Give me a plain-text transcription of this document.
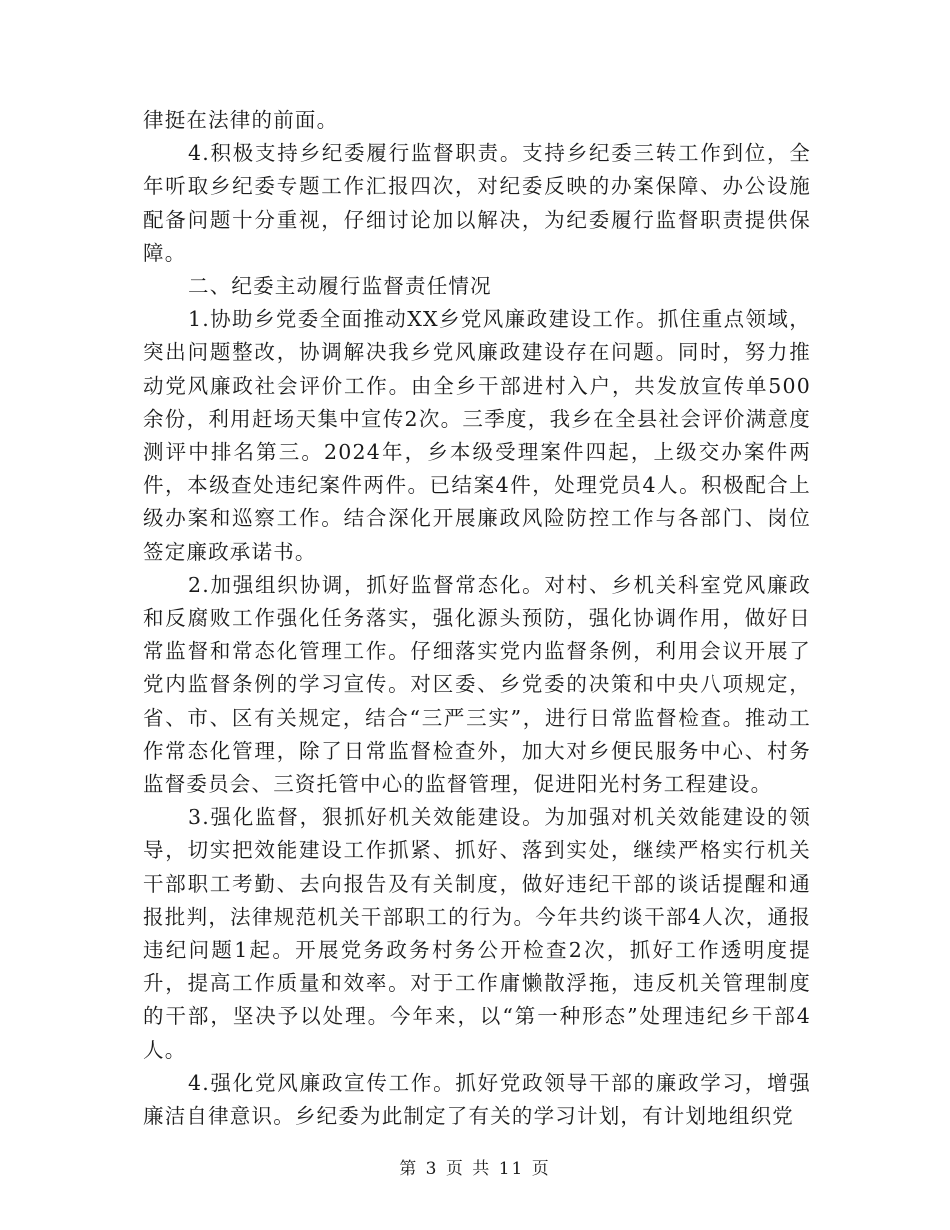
律挺在法律的前面。

4.积极支持乡纪委履行监督职责。支持乡纪委三转工作到位，全年听取乡纪委专题工作汇报四次，对纪委反映的办案保障、办公设施配备问题十分重视，仔细讨论加以解决，为纪委履行监督职责提供保障。

二、纪委主动履行监督责任情况

1.协助乡党委全面推动XX乡党风廉政建设工作。抓住重点领域，突出问题整改，协调解决我乡党风廉政建设存在问题。同时，努力推动党风廉政社会评价工作。由全乡干部进村入户，共发放宣传单500余份，利用赶场天集中宣传2次。三季度，我乡在全县社会评价满意度测评中排名第三。2024年，乡本级受理案件四起，上级交办案件两件，本级查处违纪案件两件。已结案4件，处理党员4人。积极配合上级办案和巡察工作。结合深化开展廉政风险防控工作与各部门、岗位签定廉政承诺书。

2.加强组织协调，抓好监督常态化。对村、乡机关科室党风廉政和反腐败工作强化任务落实，强化源头预防，强化协调作用，做好日常监督和常态化管理工作。仔细落实党内监督条例，利用会议开展了党内监督条例的学习宣传。对区委、乡党委的决策和中央八项规定，省、市、区有关规定，结合“三严三实”，进行日常监督检查。推动工作常态化管理，除了日常监督检查外，加大对乡便民服务中心、村务监督委员会、三资托管中心的监督管理，促进阳光村务工程建设。

3.强化监督，狠抓好机关效能建设。为加强对机关效能建设的领导，切实把效能建设工作抓紧、抓好、落到实处，继续严格实行机关干部职工考勤、去向报告及有关制度，做好违纪干部的谈话提醒和通报批判，法律规范机关干部职工的行为。今年共约谈干部4人次，通报违纪问题1起。开展党务政务村务公开检查2次，抓好工作透明度提升，提高工作质量和效率。对于工作庸懒散浮拖，违反机关管理制度的干部，坚决予以处理。今年来，以“第一种形态”处理违纪乡干部4人。

4.强化党风廉政宣传工作。抓好党政领导干部的廉政学习，增强廉洁自律意识。乡纪委为此制定了有关的学习计划，有计划地组织党

第 3 页 共 11 页
